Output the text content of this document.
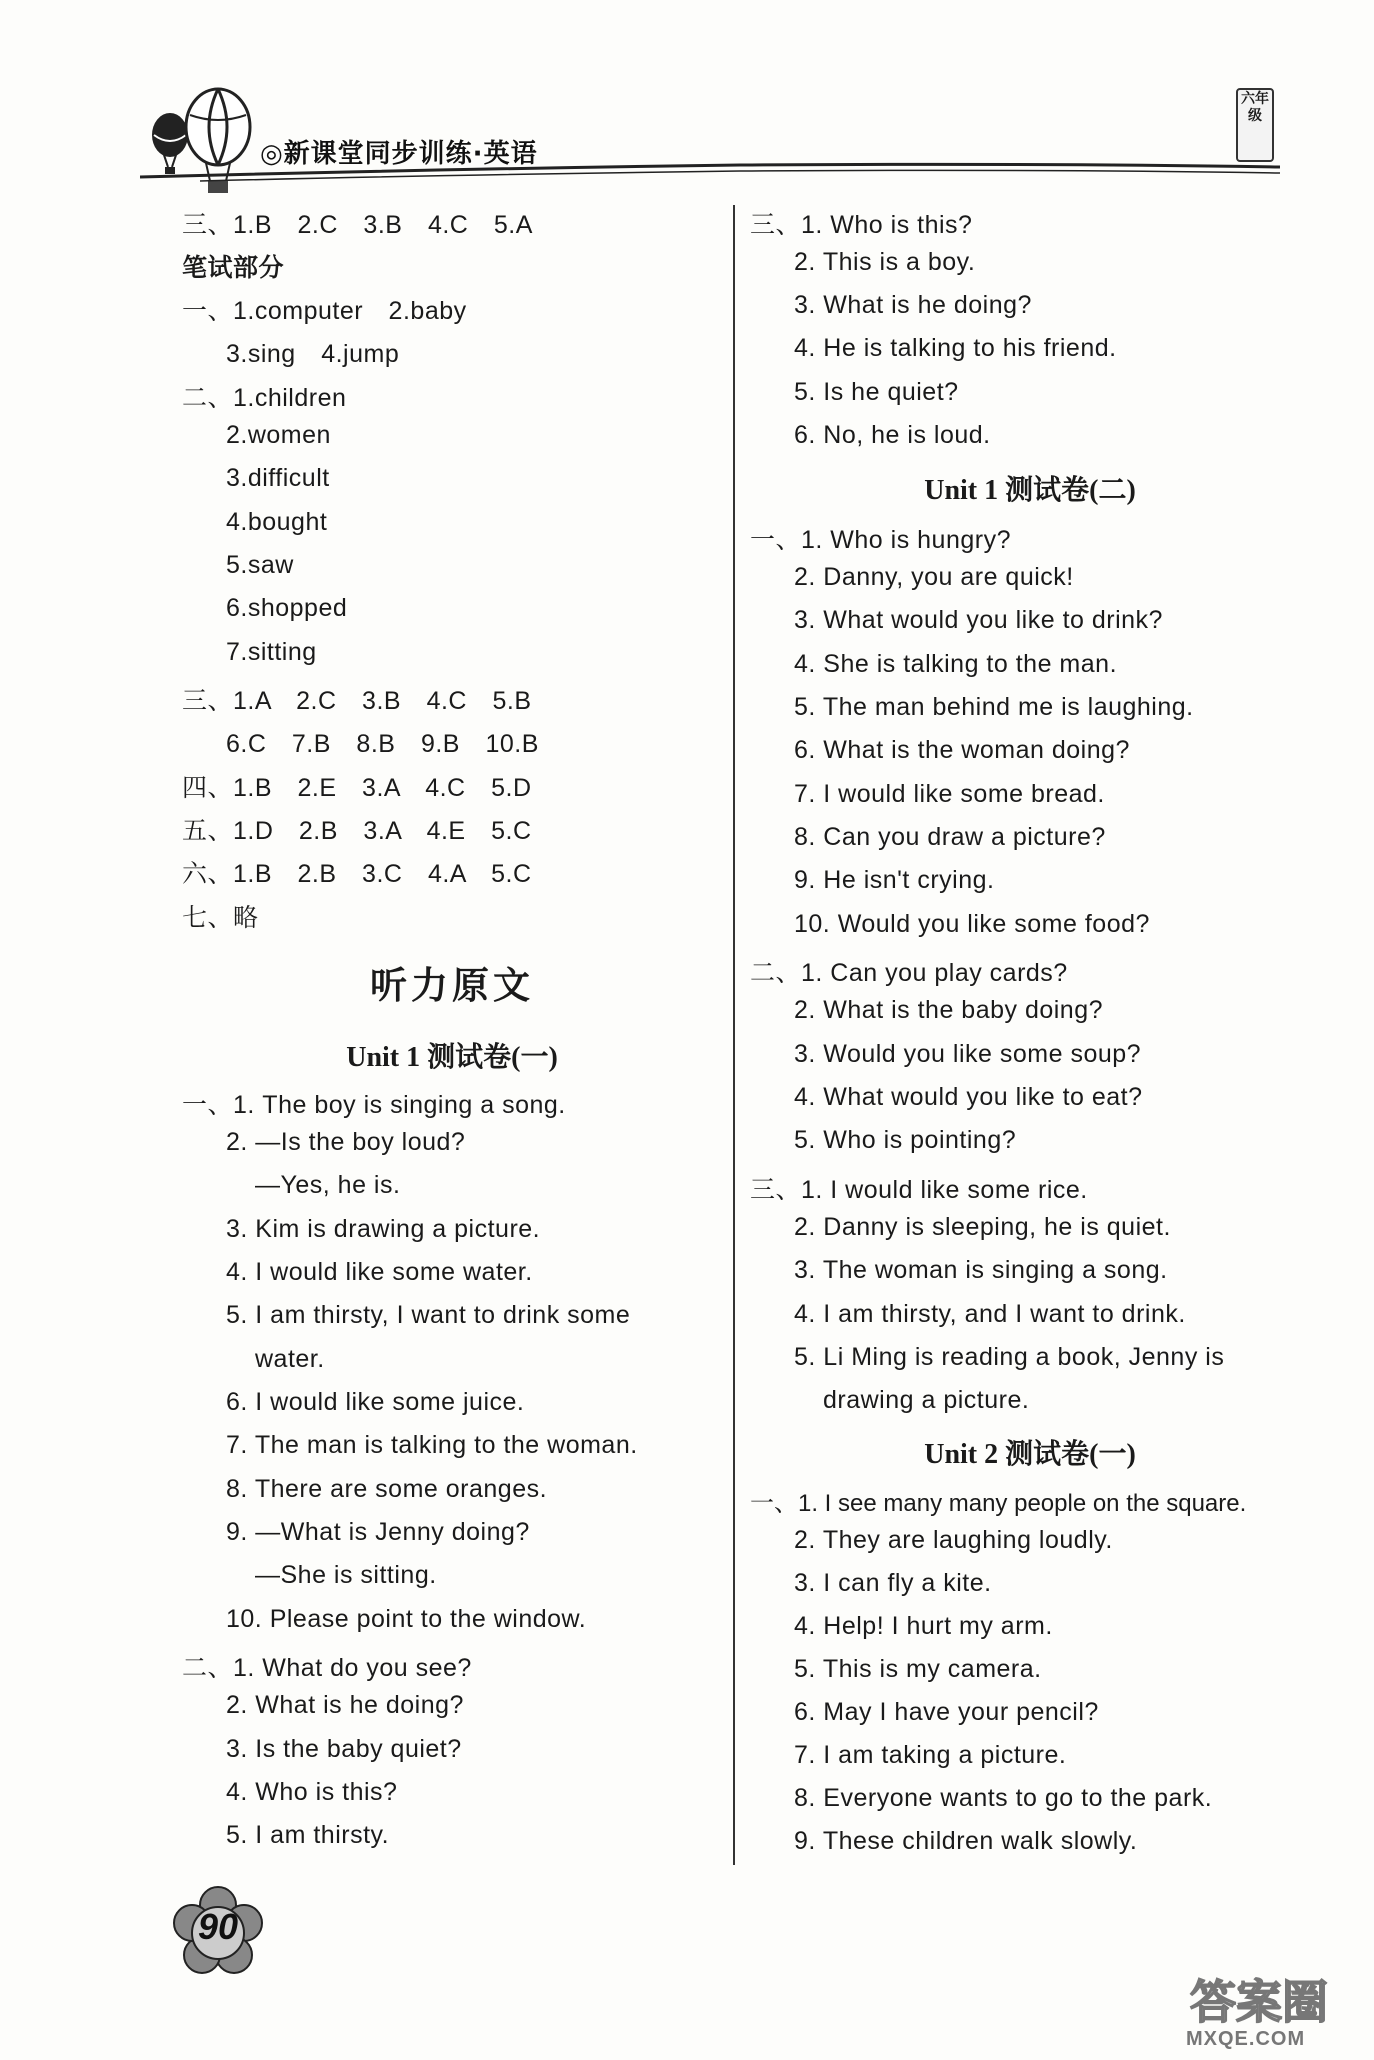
◎新课堂同步训练·英语
六年级
三、1.B　2.C　3.B　4.C　5.A
笔试部分
一、1.computer　2.baby
3.sing　4.jump
二、1.children
2.women
3.difficult
4.bought
5.saw
6.shopped
7.sitting
三、1.A　2.C　3.B　4.C　5.B
6.C　7.B　8.B　9.B　10.B
四、1.B　2.E　3.A　4.C　5.D
五、1.D　2.B　3.A　4.E　5.C
六、1.B　2.B　3.C　4.A　5.C
七、略
听力原文
Unit 1 测试卷(一)
一、1. The boy is singing a song.
2. —Is the boy loud?
—Yes, he is.
3. Kim is drawing a picture.
4. I would like some water.
5. I am thirsty, I want to drink some
water.
6. I would like some juice.
7. The man is talking to the woman.
8. There are some oranges.
9. —What is Jenny doing?
—She is sitting.
10. Please point to the window.
二、1. What do you see?
2. What is he doing?
3. Is the baby quiet?
4. Who is this?
5. I am thirsty.
三、1. Who is this?
2. This is a boy.
3. What is he doing?
4. He is talking to his friend.
5. Is he quiet?
6. No, he is loud.
Unit 1 测试卷(二)
一、1. Who is hungry?
2. Danny, you are quick!
3. What would you like to drink?
4. She is talking to the man.
5. The man behind me is laughing.
6. What is the woman doing?
7. I would like some bread.
8. Can you draw a picture?
9. He isn't crying.
10. Would you like some food?
二、1. Can you play cards?
2. What is the baby doing?
3. Would you like some soup?
4. What would you like to eat?
5. Who is pointing?
三、1. I would like some rice.
2. Danny is sleeping, he is quiet.
3. The woman is singing a song.
4. I am thirsty, and I want to drink.
5. Li Ming is reading a book, Jenny is
drawing a picture.
Unit 2 测试卷(一)
一、1. I see many many people on the square.
2. They are laughing loudly.
3. I can fly a kite.
4. Help! I hurt my arm.
5. This is my camera.
6. May I have your pencil?
7. I am taking a picture.
8. Everyone wants to go to the park.
9. These children walk slowly.
90
答案圈
MXQE.COM
